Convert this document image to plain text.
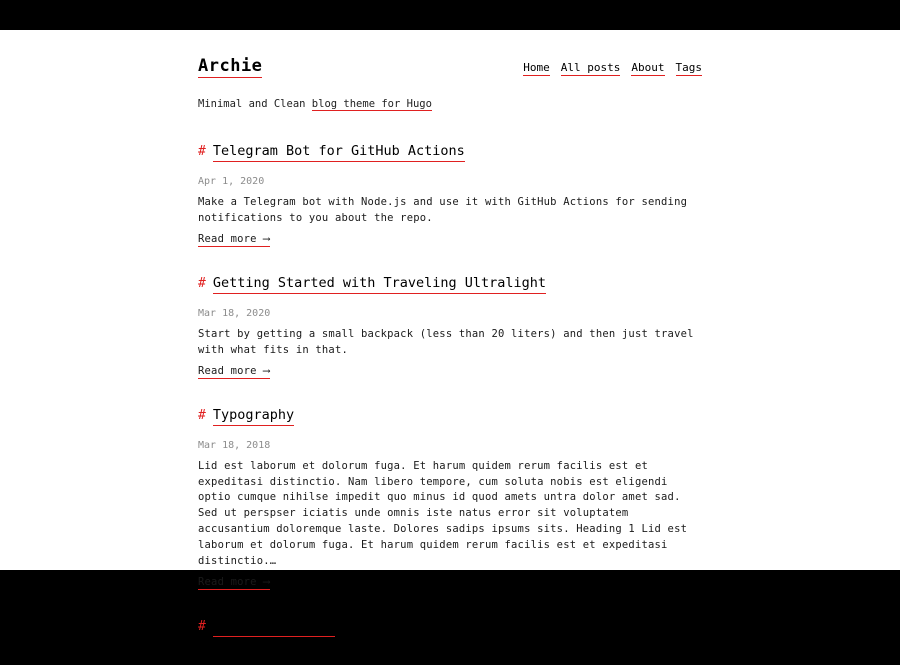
Archie	Home All posts About Tags
Minimal and Clean blog theme for Hugo
# Telegram Bot for GitHub Actions
Apr 1, 2020
Make a Telegram bot with Node.js and use it with GitHub Actions for sending notifications to you about the repo.
Read more ⟶
# Getting Started with Traveling Ultralight
Mar 18, 2020
Start by getting a small backpack (less than 20 liters) and then just travel with what fits in that.
Read more ⟶
# Typography
Mar 18, 2018
Lid est laborum et dolorum fuga. Et harum quidem rerum facilis est et expeditasi distinctio. Nam libero tempore, cum soluta nobis est eligendi optio cumque nihilse impedit quo minus id quod amets untra dolor amet sad. Sed ut perspser iciatis unde omnis iste natus error sit voluptatem accusantium doloremque laste. Dolores sadips ipsums sits. Heading 1 Lid est laborum et dolorum fuga. Et harum quidem rerum facilis est et expeditasi distinctio.…
Read more ⟶
# Hugo shortcodes
